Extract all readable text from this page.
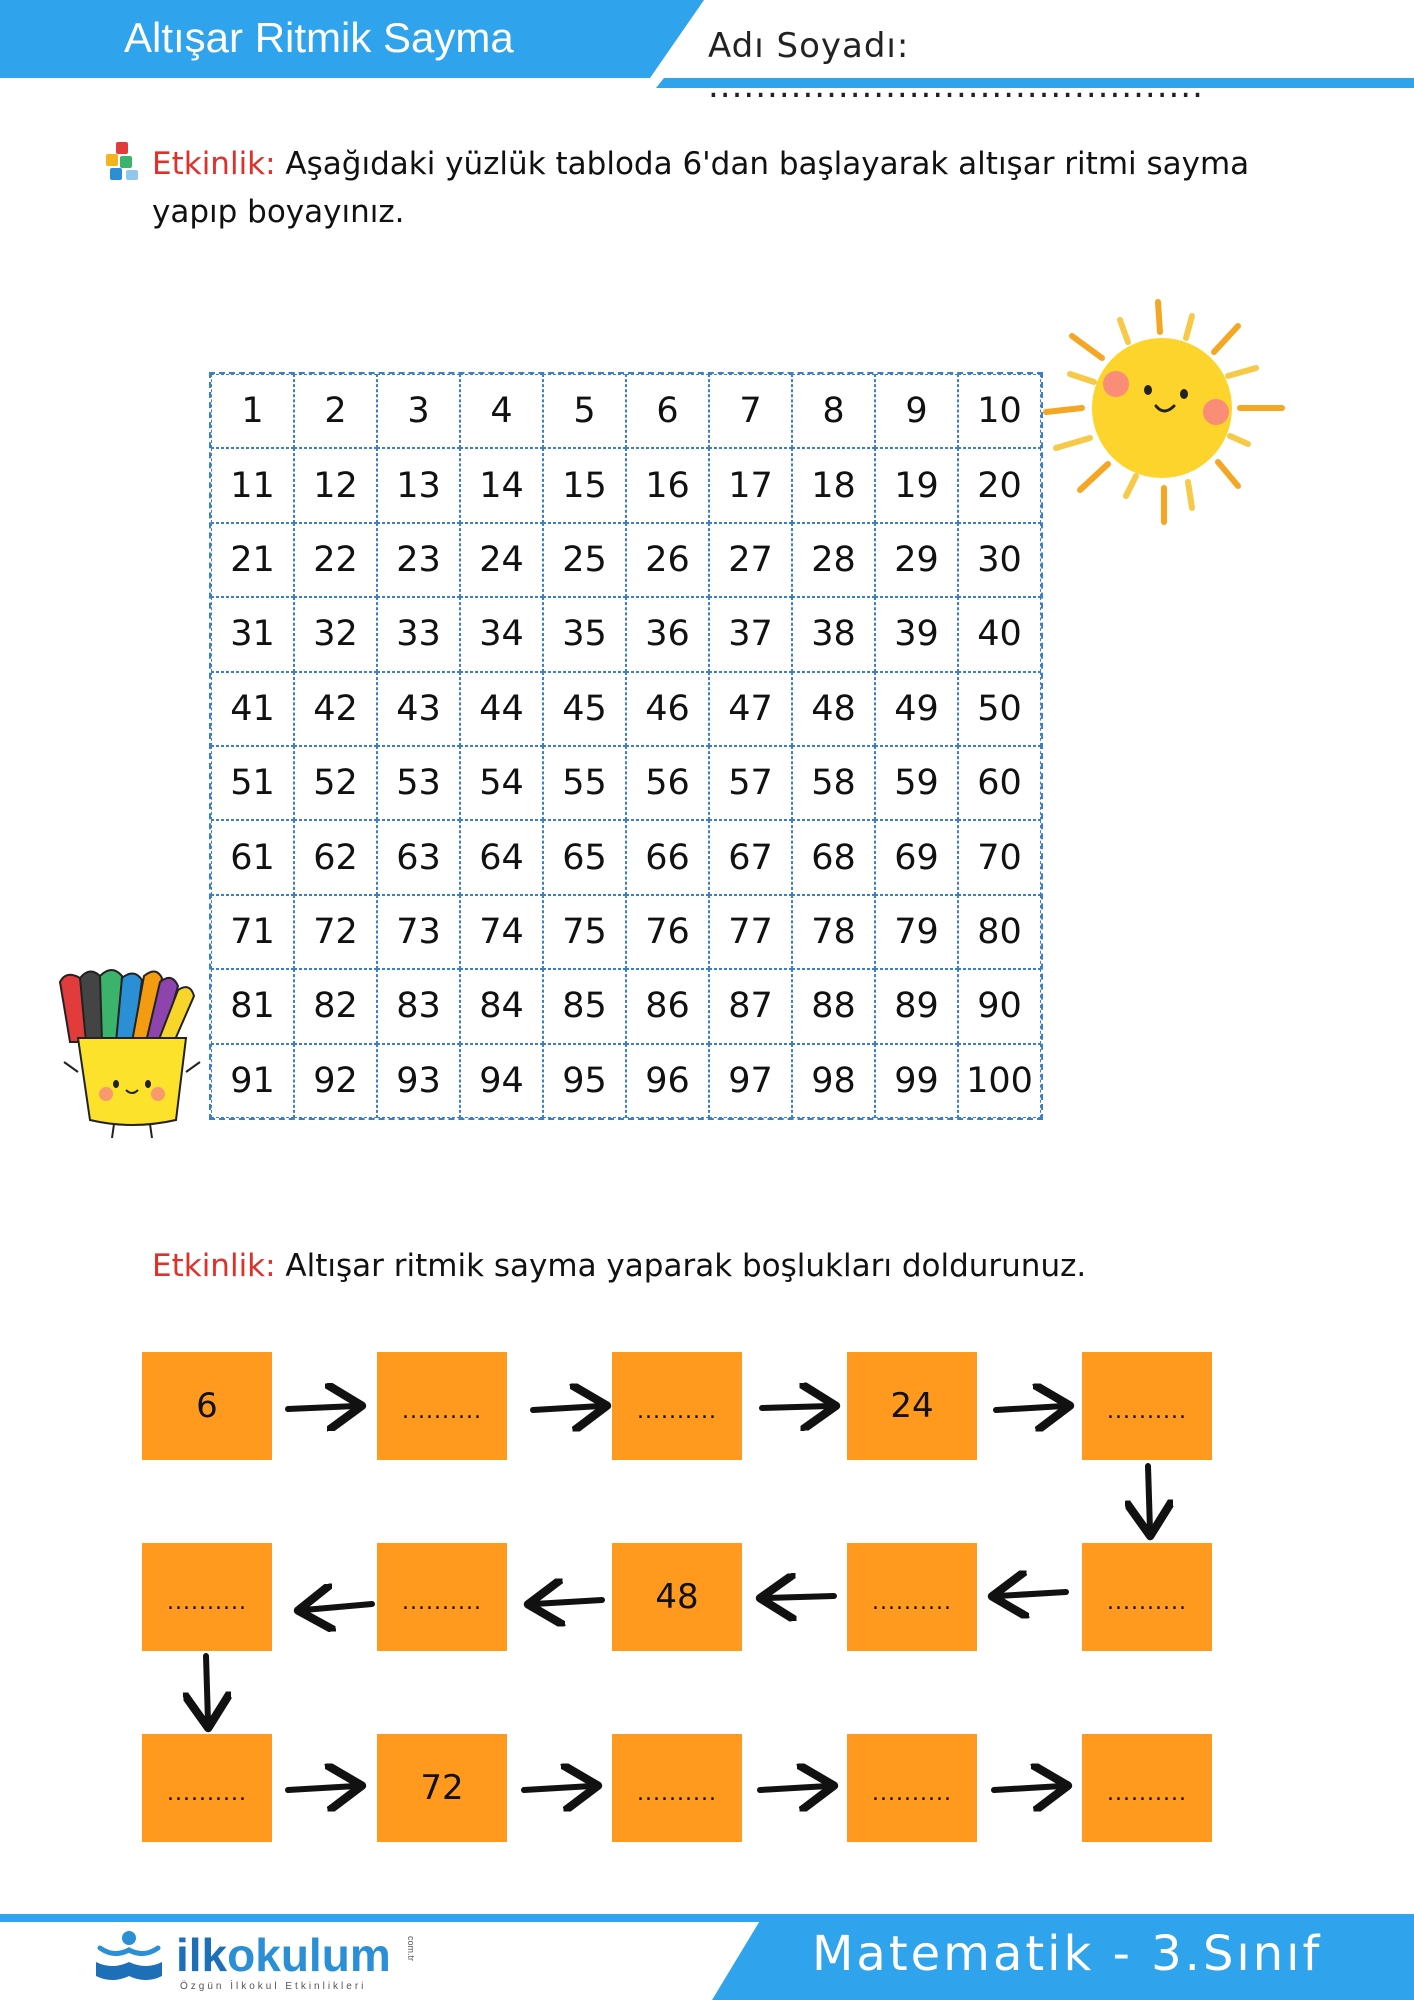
Altışar Ritmik Sayma	Adı Soyadı: ..........................................
Etkinlik: Aşağıdaki yüzlük tabloda 6'dan başlayarak altışar ritmi sayma yapıp boyayınız.
1	2	3	4	5	6	7	8	9	10
11	12	13	14	15	16	17	18	19	20
21	22	23	24	25	26	27	28	29	30
31	32	33	34	35	36	37	38	39	40
41	42	43	44	45	46	47	48	49	50
51	52	53	54	55	56	57	58	59	60
61	62	63	64	65	66	67	68	69	70
71	72	73	74	75	76	77	78	79	80
81	82	83	84	85	86	87	88	89	90
91	92	93	94	95	96	97	98	99 100
Etkinlik: Altışar ritmik sayma yaparak boşlukları doldurunuz.
6	..........	..........	24	..........
..........
..........
48
..........
..........
..........	72	..........	..........	..........
ilkokulum com.tr
Özgün İlkokul Etkinlikleri
Matematik - 3.Sınıf
